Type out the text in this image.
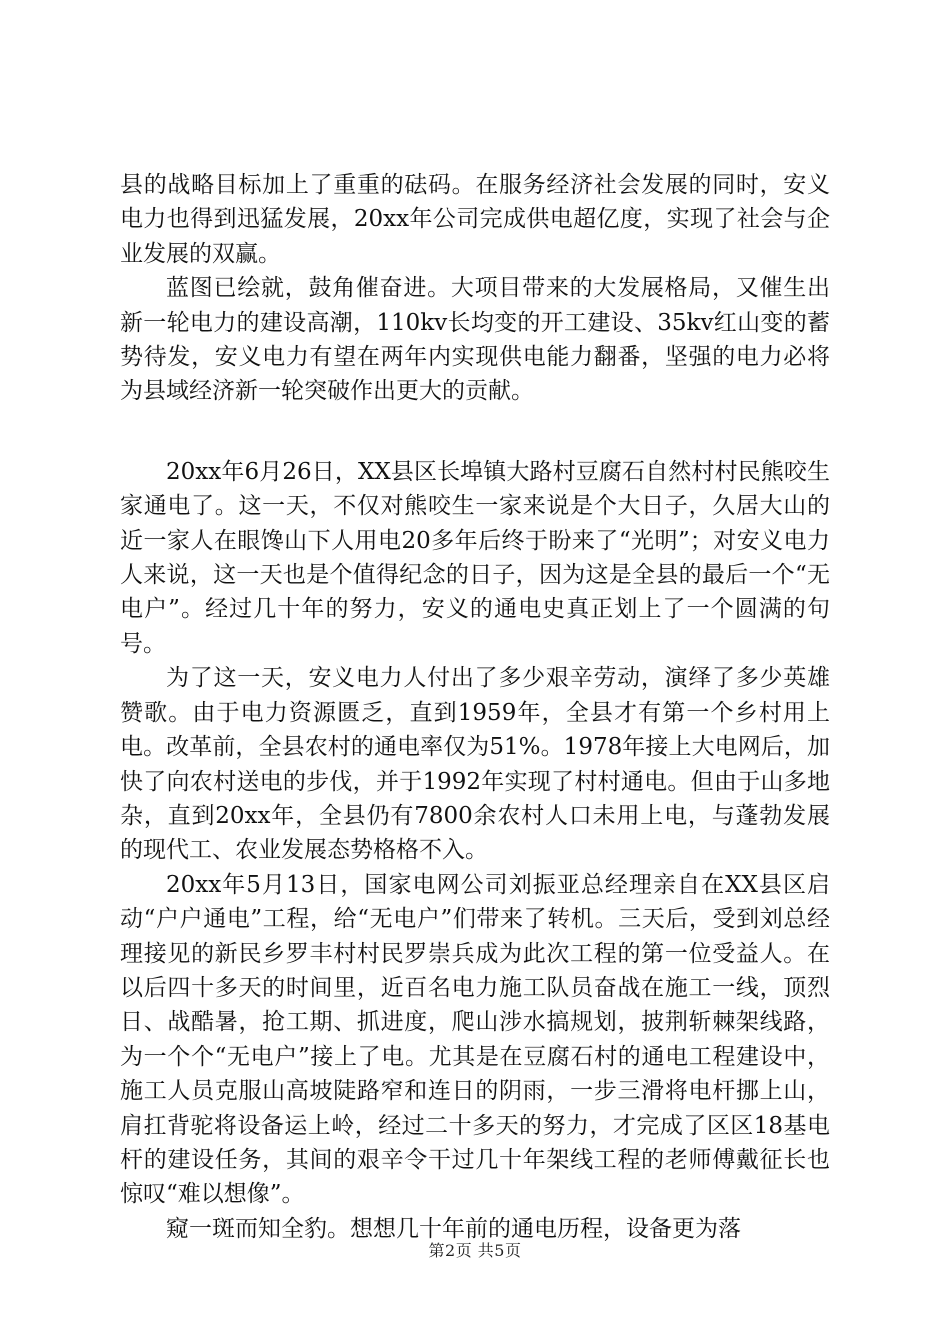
县的战略目标加上了重重的砝码。在服务经济社会发展的同时，安义电力也得到迅猛发展，20xx年公司完成供电超亿度，实现了社会与企业发展的双赢。

蓝图已绘就，鼓角催奋进。大项目带来的大发展格局，又催生出新一轮电力的建设高潮，110kv长均变的开工建设、35kv红山变的蓄势待发，安义电力有望在两年内实现供电能力翻番，坚强的电力必将为县域经济新一轮突破作出更大的贡献。

20xx年6月26日，XX县区长埠镇大路村豆腐石自然村村民熊咬生家通电了。这一天，不仅对熊咬生一家来说是个大日子，久居大山的近一家人在眼馋山下人用电20多年后终于盼来了“光明”；对安义电力人来说，这一天也是个值得纪念的日子，因为这是全县的最后一个“无电户”。经过几十年的努力，安义的通电史真正划上了一个圆满的句号。

为了这一天，安义电力人付出了多少艰辛劳动，演绎了多少英雄赞歌。由于电力资源匮乏，直到1959年，全县才有第一个乡村用上电。改革前，全县农村的通电率仅为51%。1978年接上大电网后，加快了向农村送电的步伐，并于1992年实现了村村通电。但由于山多地杂，直到20xx年，全县仍有7800余农村人口未用上电，与蓬勃发展的现代工、农业发展态势格格不入。

20xx年5月13日，国家电网公司刘振亚总经理亲自在XX县区启动“户户通电”工程，给“无电户”们带来了转机。三天后，受到刘总经理接见的新民乡罗丰村村民罗崇兵成为此次工程的第一位受益人。在以后四十多天的时间里，近百名电力施工队员奋战在施工一线，顶烈日、战酷暑，抢工期、抓进度，爬山涉水搞规划，披荆斩棘架线路，为一个个“无电户”接上了电。尤其是在豆腐石村的通电工程建设中，施工人员克服山高坡陡路窄和连日的阴雨，一步三滑将电杆挪上山，肩扛背驼将设备运上岭，经过二十多天的努力，才完成了区区18基电杆的建设任务，其间的艰辛令干过几十年架线工程的老师傅戴征长也惊叹“难以想像”。

窥一斑而知全豹。想想几十年前的通电历程，设备更为落

第2页 共5页
